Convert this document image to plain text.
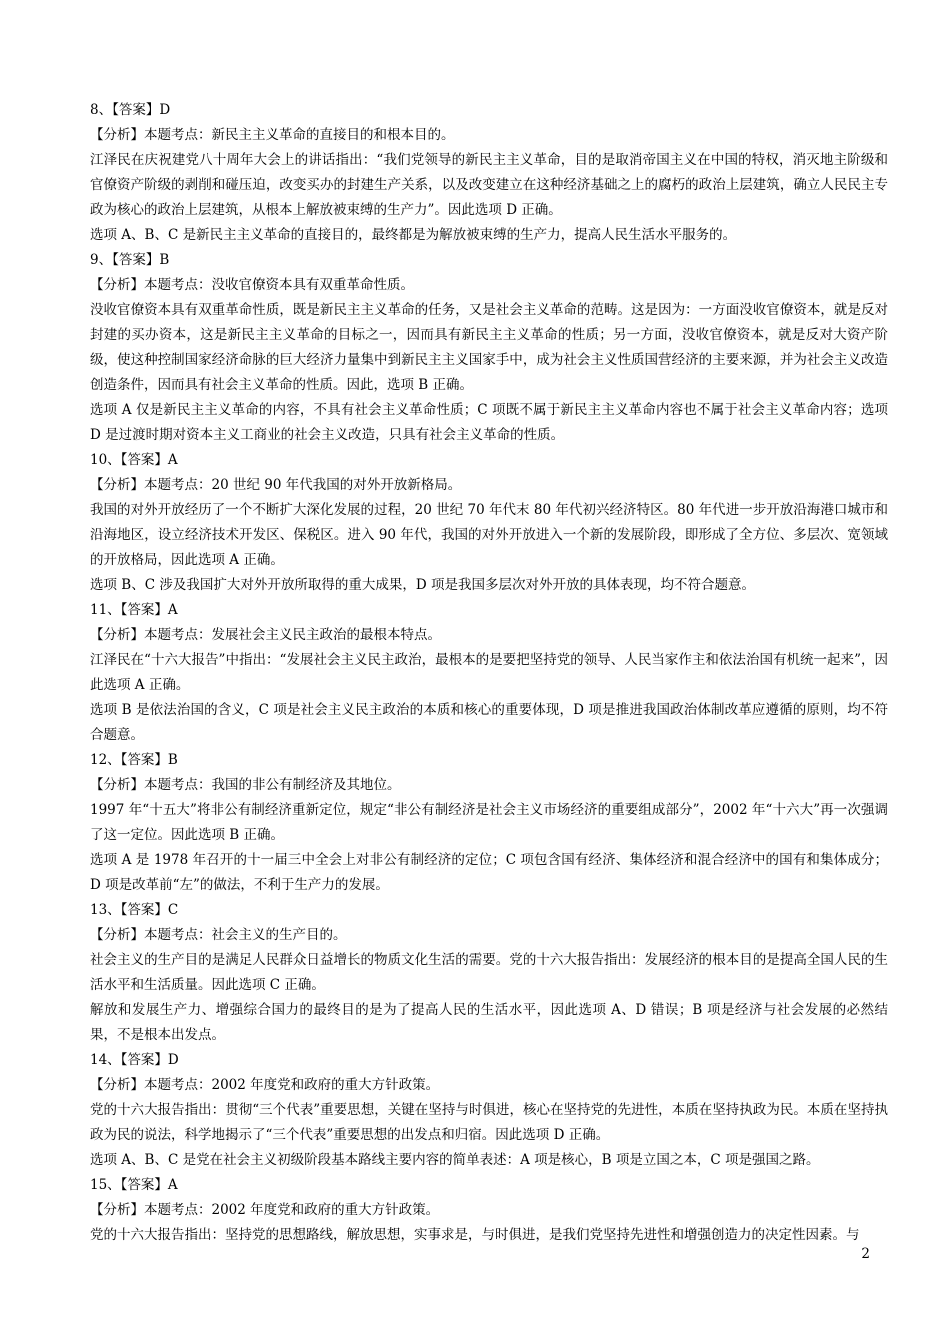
8、【答案】D

【分析】本题考点：新民主主义革命的直接目的和根本目的。

江泽民在庆祝建党八十周年大会上的讲话指出：“我们党领导的新民主主义革命，目的是取消帝国主义在中国的特权，消灭地主阶级和官僚资产阶级的剥削和碰压迫，改变买办的封建生产关系，以及改变建立在这种经济基础之上的腐朽的政治上层建筑，确立人民民主专政为核心的政治上层建筑，从根本上解放被束缚的生产力”。因此选项 D 正确。

选项 A、B、C 是新民主主义革命的直接目的，最终都是为解放被束缚的生产力，提高人民生活水平服务的。

9、【答案】B

【分析】本题考点：没收官僚资本具有双重革命性质。

没收官僚资本具有双重革命性质，既是新民主主义革命的任务，又是社会主义革命的范畴。这是因为：一方面没收官僚资本，就是反对封建的买办资本，这是新民主主义革命的目标之一，因而具有新民主主义革命的性质；另一方面，没收官僚资本，就是反对大资产阶级，使这种控制国家经济命脉的巨大经济力量集中到新民主主义国家手中，成为社会主义性质国营经济的主要来源，并为社会主义改造创造条件，因而具有社会主义革命的性质。因此，选项 B 正确。

选项 A 仅是新民主主义革命的内容，不具有社会主义革命性质；C 项既不属于新民主主义革命内容也不属于社会主义革命内容；选项 D 是过渡时期对资本主义工商业的社会主义改造，只具有社会主义革命的性质。

10、【答案】A

【分析】本题考点：20 世纪 90 年代我国的对外开放新格局。

我国的对外开放经历了一个不断扩大深化发展的过程，20 世纪 70 年代末 80 年代初兴经济特区。80 年代进一步开放沿海港口城市和沿海地区，设立经济技术开发区、保税区。进入 90 年代，我国的对外开放进入一个新的发展阶段，即形成了全方位、多层次、宽领域的开放格局，因此选项 A 正确。

选项 B、C 涉及我国扩大对外开放所取得的重大成果，D 项是我国多层次对外开放的具体表现，均不符合题意。

11、【答案】A

【分析】本题考点：发展社会主义民主政治的最根本特点。

江泽民在“十六大报告”中指出：“发展社会主义民主政治，最根本的是要把坚持党的领导、人民当家作主和依法治国有机统一起来”，因此选项 A 正确。

选项 B 是依法治国的含义，C 项是社会主义民主政治的本质和核心的重要体现，D 项是推进我国政治体制改革应遵循的原则，均不符合题意。

12、【答案】B

【分析】本题考点：我国的非公有制经济及其地位。

1997 年“十五大”将非公有制经济重新定位，规定“非公有制经济是社会主义市场经济的重要组成部分”，2002 年“十六大”再一次强调了这一定位。因此选项 B 正确。

选项 A 是 1978 年召开的十一届三中全会上对非公有制经济的定位；C 项包含国有经济、集体经济和混合经济中的国有和集体成分；D 项是改革前“左”的做法，不利于生产力的发展。

13、【答案】C

【分析】本题考点：社会主义的生产目的。

社会主义的生产目的是满足人民群众日益增长的物质文化生活的需要。党的十六大报告指出：发展经济的根本目的是提高全国人民的生活水平和生活质量。因此选项 C 正确。

解放和发展生产力、增强综合国力的最终目的是为了提高人民的生活水平，因此选项 A、D 错误；B 项是经济与社会发展的必然结果，不是根本出发点。

14、【答案】D

【分析】本题考点：2002 年度党和政府的重大方针政策。

党的十六大报告指出：贯彻“三个代表”重要思想，关键在坚持与时俱进，核心在坚持党的先进性，本质在坚持执政为民。本质在坚持执政为民的说法，科学地揭示了“三个代表”重要思想的出发点和归宿。因此选项 D 正确。

选项 A、B、C 是党在社会主义初级阶段基本路线主要内容的简单表述：A 项是核心，B 项是立国之本，C 项是强国之路。

15、【答案】A

【分析】本题考点：2002 年度党和政府的重大方针政策。

党的十六大报告指出：坚持党的思想路线，解放思想，实事求是，与时俱进，是我们党坚持先进性和增强创造力的决定性因素。与

2
